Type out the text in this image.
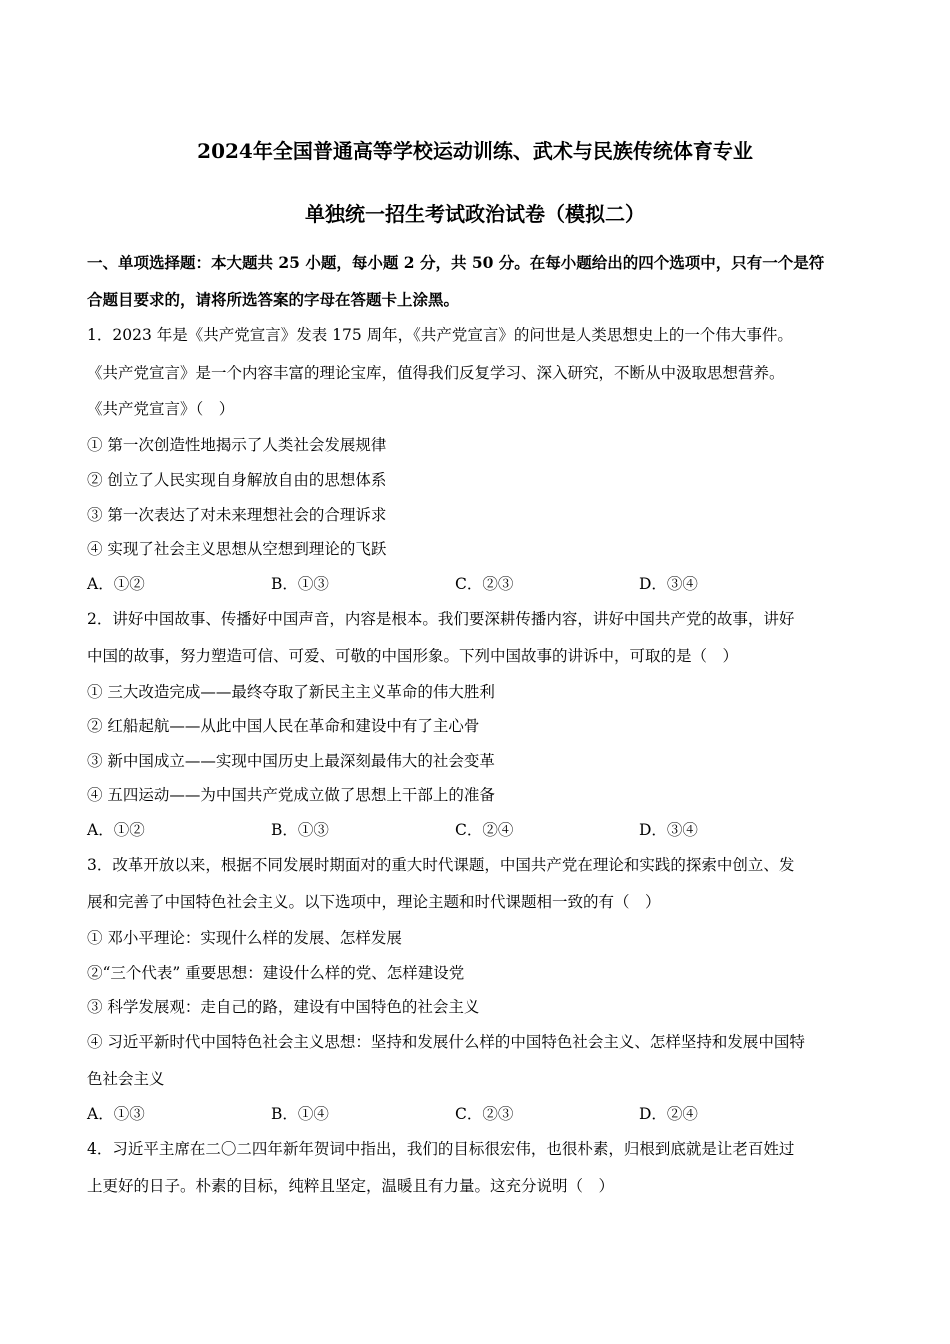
2024年全国普通高等学校运动训练、武术与民族传统体育专业
单独统一招生考试政治试卷（模拟二）
一、单项选择题：本大题共 25 小题，每小题 2 分，共 50 分。在每小题给出的四个选项中，只有一个是符
合题目要求的，请将所选答案的字母在答题卡上涂黑。
1．2023 年是《共产党宣言》发表 175 周年，《共产党宣言》的问世是人类思想史上的一个伟大事件。
《共产党宣言》是一个内容丰富的理论宝库，值得我们反复学习、深入研究，不断从中汲取思想营养。
《共产党宣言》（　）
① 第一次创造性地揭示了人类社会发展规律
② 创立了人民实现自身解放自由的思想体系
③ 第一次表达了对未来理想社会的合理诉求
④ 实现了社会主义思想从空想到理论的飞跃
A．①②	B．①③	C．②③	D．③④
2．讲好中国故事、传播好中国声音，内容是根本。我们要深耕传播内容，讲好中国共产党的故事，讲好
中国的故事，努力塑造可信、可爱、可敬的中国形象。下列中国故事的讲诉中，可取的是（　）
① 三大改造完成——最终夺取了新民主主义革命的伟大胜利
② 红船起航——从此中国人民在革命和建设中有了主心骨
③ 新中国成立——实现中国历史上最深刻最伟大的社会变革
④ 五四运动——为中国共产党成立做了思想上干部上的准备
A．①②	B．①③	C．②④	D．③④
3．改革开放以来，根据不同发展时期面对的重大时代课题，中国共产党在理论和实践的探索中创立、发
展和完善了中国特色社会主义。以下选项中，理论主题和时代课题相一致的有（　）
① 邓小平理论：实现什么样的发展、怎样发展
②“三个代表” 重要思想：建设什么样的党、怎样建设党
③ 科学发展观：走自己的路，建设有中国特色的社会主义
④ 习近平新时代中国特色社会主义思想：坚持和发展什么样的中国特色社会主义、怎样坚持和发展中国特
色社会主义
A．①③	B．①④	C．②③	D．②④
4．习近平主席在二〇二四年新年贺词中指出，我们的目标很宏伟，也很朴素，归根到底就是让老百姓过
上更好的日子。朴素的目标，纯粹且坚定，温暖且有力量。这充分说明（　）
